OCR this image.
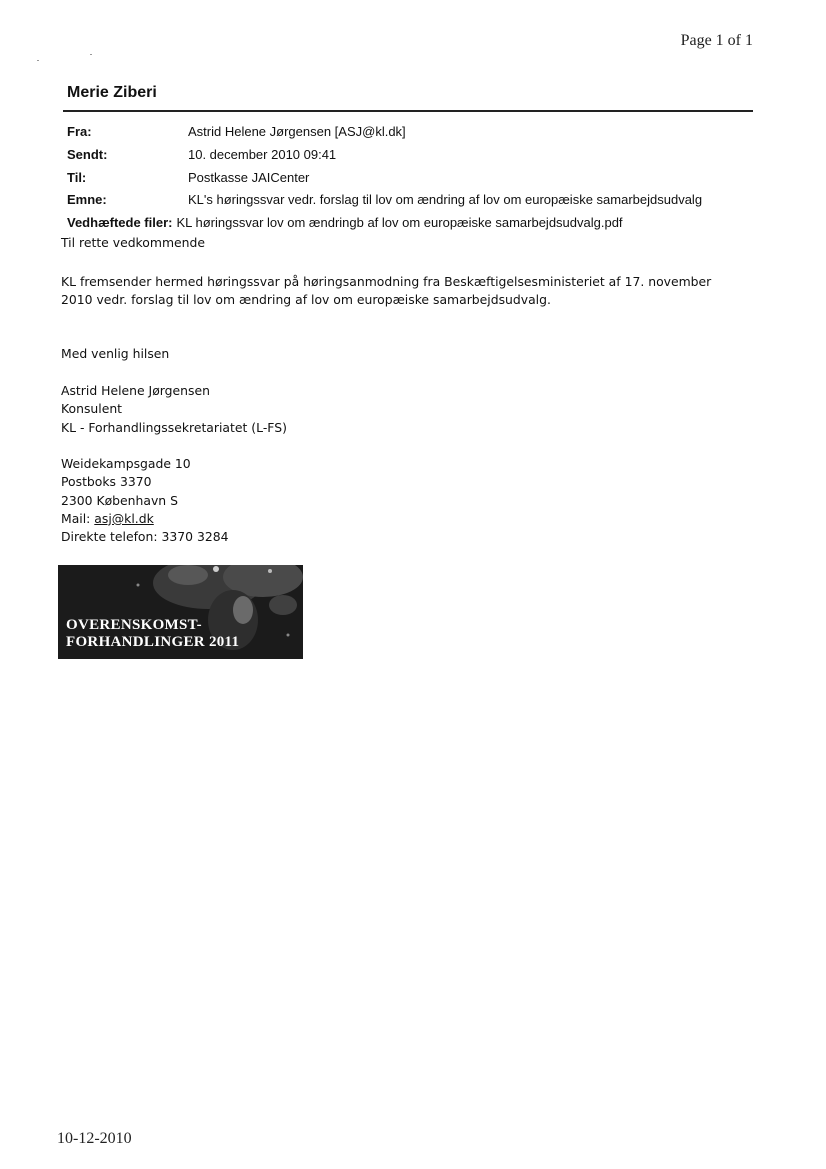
Page 1 of 1
Merie Ziberi
Fra:	Astrid Helene Jørgensen [ASJ@kl.dk]
Sendt:	10. december 2010 09:41
Til:	Postkasse JAICenter
Emne:	KL's høringssvar vedr. forslag til lov om ændring af lov om europæiske samarbejdsudvalg
Vedhæftede filer: KL høringssvar lov om ændringb af lov om europæiske samarbejdsudvalg.pdf

Til rette vedkommende

KL fremsender hermed høringssvar på høringsanmodning fra Beskæftigelsesministeriet af 17. november

2010 vedr. forslag til lov om ændring af lov om europæiske samarbejdsudvalg.

Med venlig hilsen

Astrid Helene Jørgensen

Konsulent

KL - Forhandlingssekretariatet (L-FS)

Weidekampsgade 10

Postboks 3370

2300 København S

Mail: asj@kl.dk

Direkte telefon: 3370 3284

OVERENSKOMST-
FORHANDLINGER 2011
10-12-2010
